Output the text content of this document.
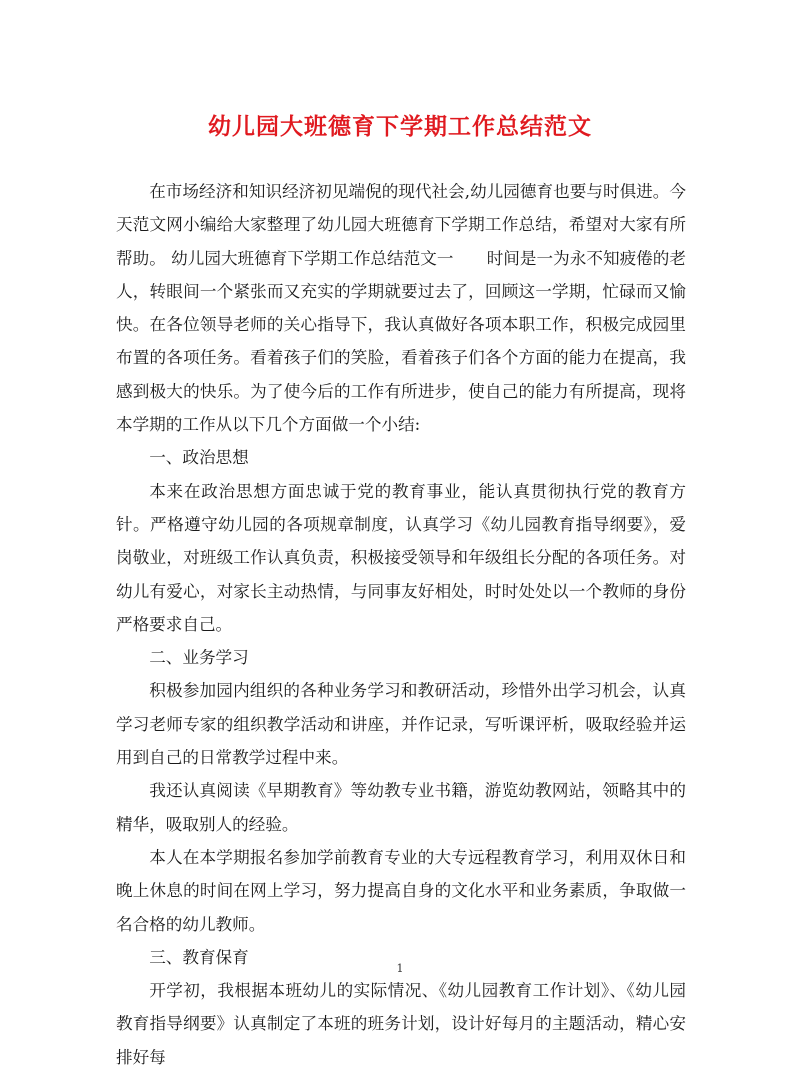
幼儿园大班德育下学期工作总结范文

在市场经济和知识经济初见端倪的现代社会,幼儿园德育也要与时俱进。今天范文网小编给大家整理了幼儿园大班德育下学期工作总结，希望对大家有所帮助。 幼儿园大班德育下学期工作总结范文一　　时间是一为永不知疲倦的老人，转眼间一个紧张而又充实的学期就要过去了，回顾这一学期，忙碌而又愉快。在各位领导老师的关心指导下，我认真做好各项本职工作，积极完成园里布置的各项任务。看着孩子们的笑脸，看着孩子们各个方面的能力在提高，我感到极大的快乐。为了使今后的工作有所进步，使自己的能力有所提高，现将本学期的工作从以下几个方面做一个小结:

一、政治思想

本来在政治思想方面忠诚于党的教育事业，能认真贯彻执行党的教育方针。严格遵守幼儿园的各项规章制度，认真学习《幼儿园教育指导纲要》，爱岗敬业，对班级工作认真负责，积极接受领导和年级组长分配的各项任务。对幼儿有爱心，对家长主动热情，与同事友好相处，时时处处以一个教师的身份严格要求自己。

二、业务学习

积极参加园内组织的各种业务学习和教研活动，珍惜外出学习机会，认真学习老师专家的组织教学活动和讲座，并作记录，写听课评析，吸取经验并运用到自己的日常教学过程中来。

我还认真阅读《早期教育》等幼教专业书籍，游览幼教网站，领略其中的精华，吸取别人的经验。

本人在本学期报名参加学前教育专业的大专远程教育学习，利用双休日和晚上休息的时间在网上学习，努力提高自身的文化水平和业务素质，争取做一名合格的幼儿教师。

三、教育保育

开学初，我根据本班幼儿的实际情况、《幼儿园教育工作计划》、《幼儿园教育指导纲要》认真制定了本班的班务计划，设计好每月的主题活动，精心安排好每

1
